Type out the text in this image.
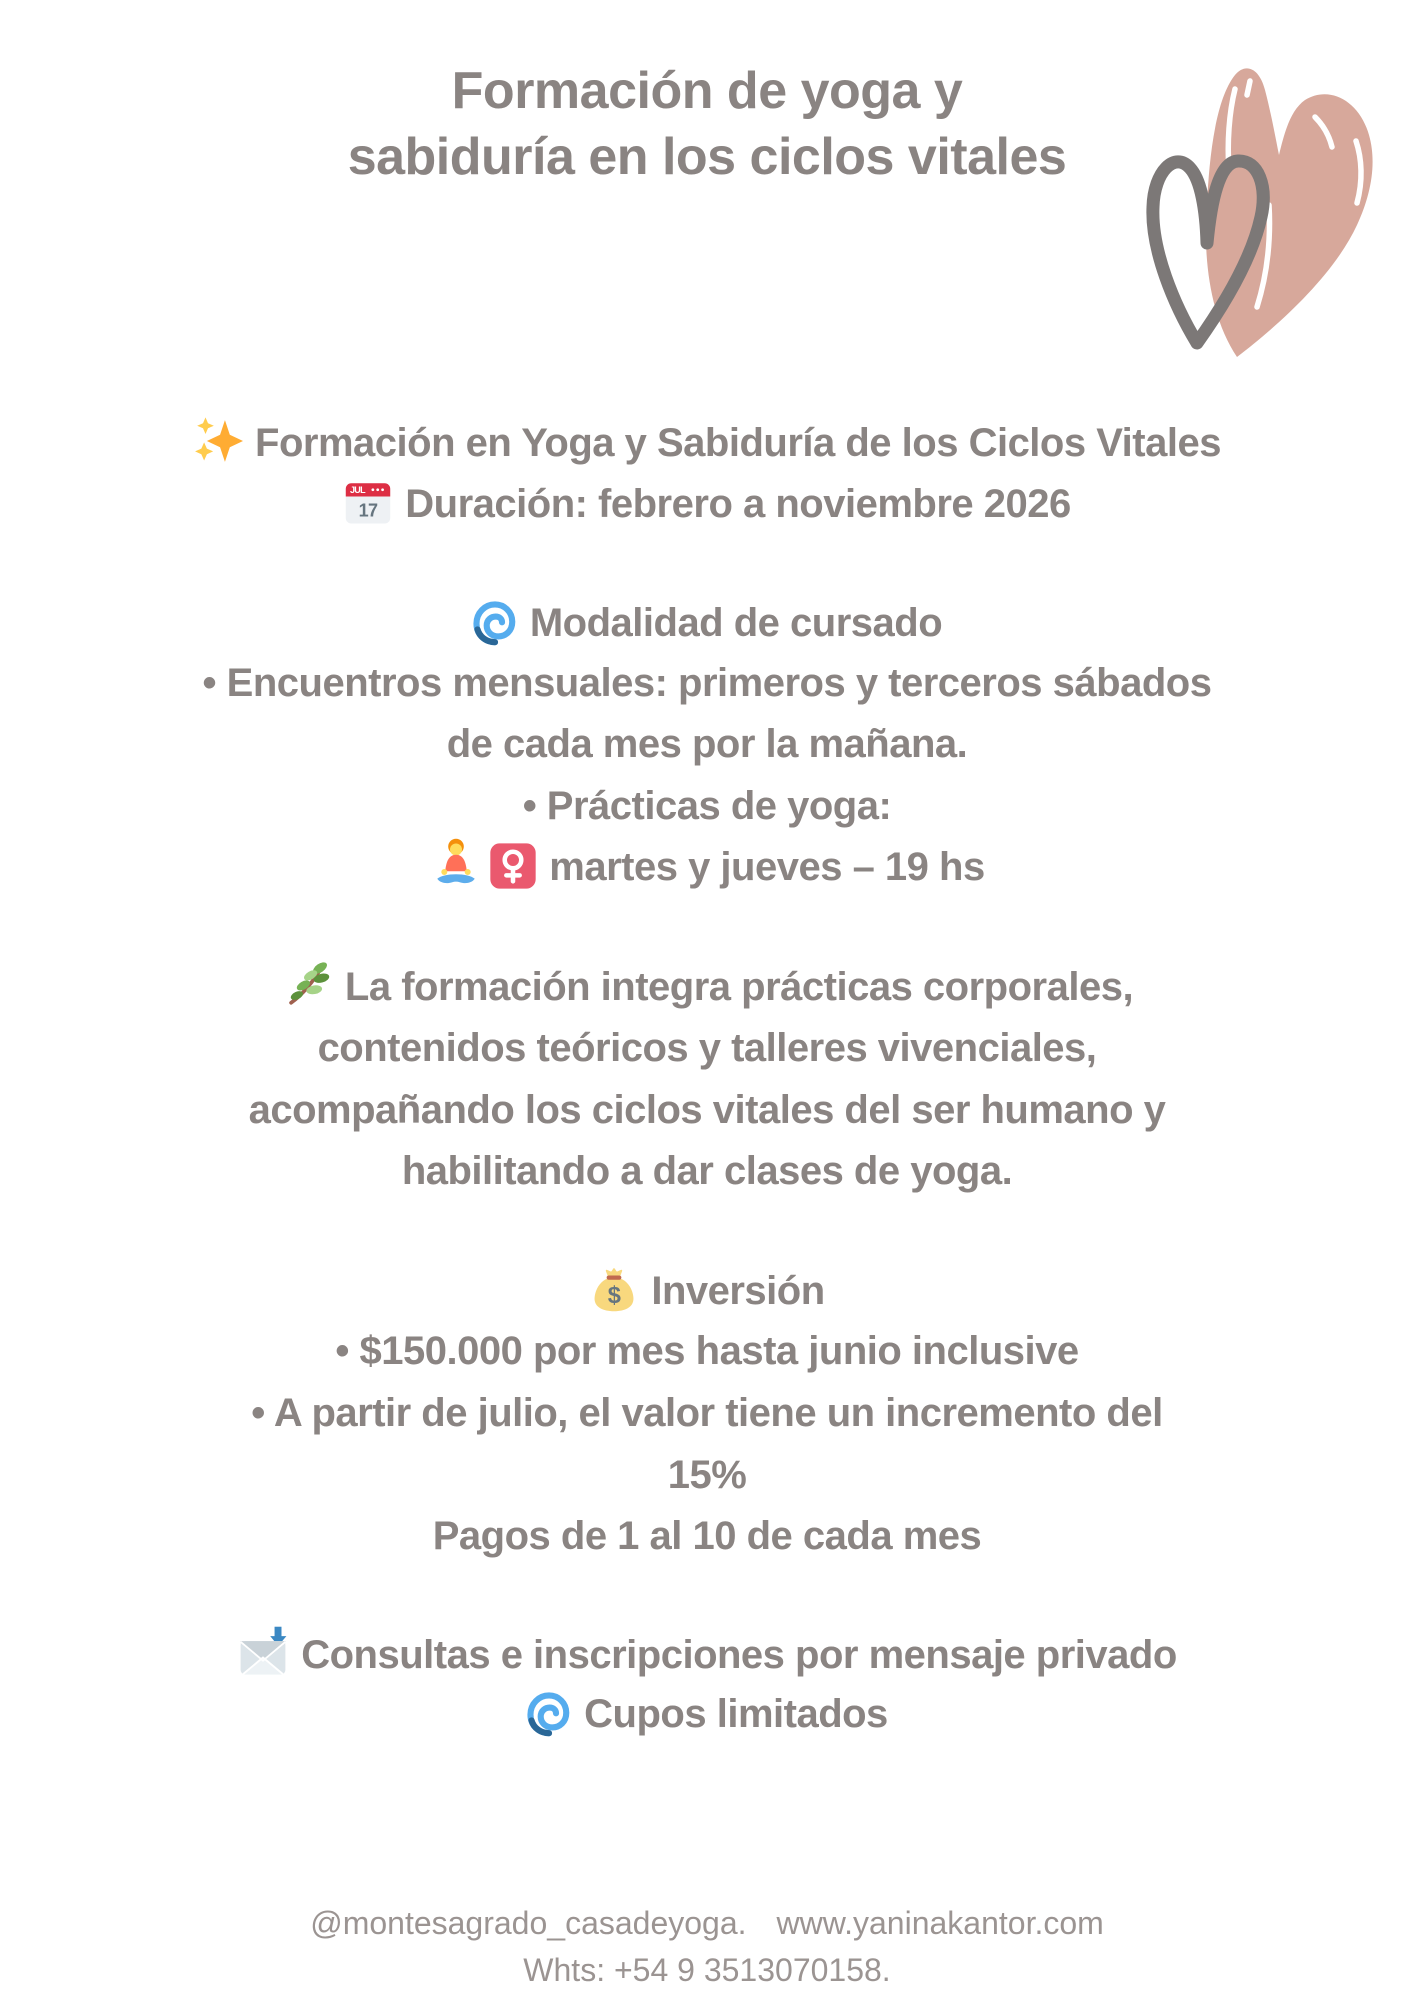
Formación de yoga y
sabiduría en los ciclos vitales
Formación en Yoga y Sabiduría de los Ciclos Vitales
JUL
17 Duración: febrero a noviembre 2026
Modalidad de cursado
• Encuentros mensuales: primeros y terceros sábados
de cada mes por la mañana.
• Prácticas de yoga:
martes y jueves – 19 hs
La formación integra prácticas corporales,
contenidos teóricos y talleres vivenciales,
acompañando los ciclos vitales del ser humano y
habilitando a dar clases de yoga.
$ Inversión
• $150.000 por mes hasta junio inclusive
• A partir de julio, el valor tiene un incremento del
15%
Pagos de 1 al 10 de cada mes
Consultas e inscripciones por mensaje privado
Cupos limitados
@montesagrado_casadeyoga. www.yaninakantor.com
Whts: +54 9 3513070158.
